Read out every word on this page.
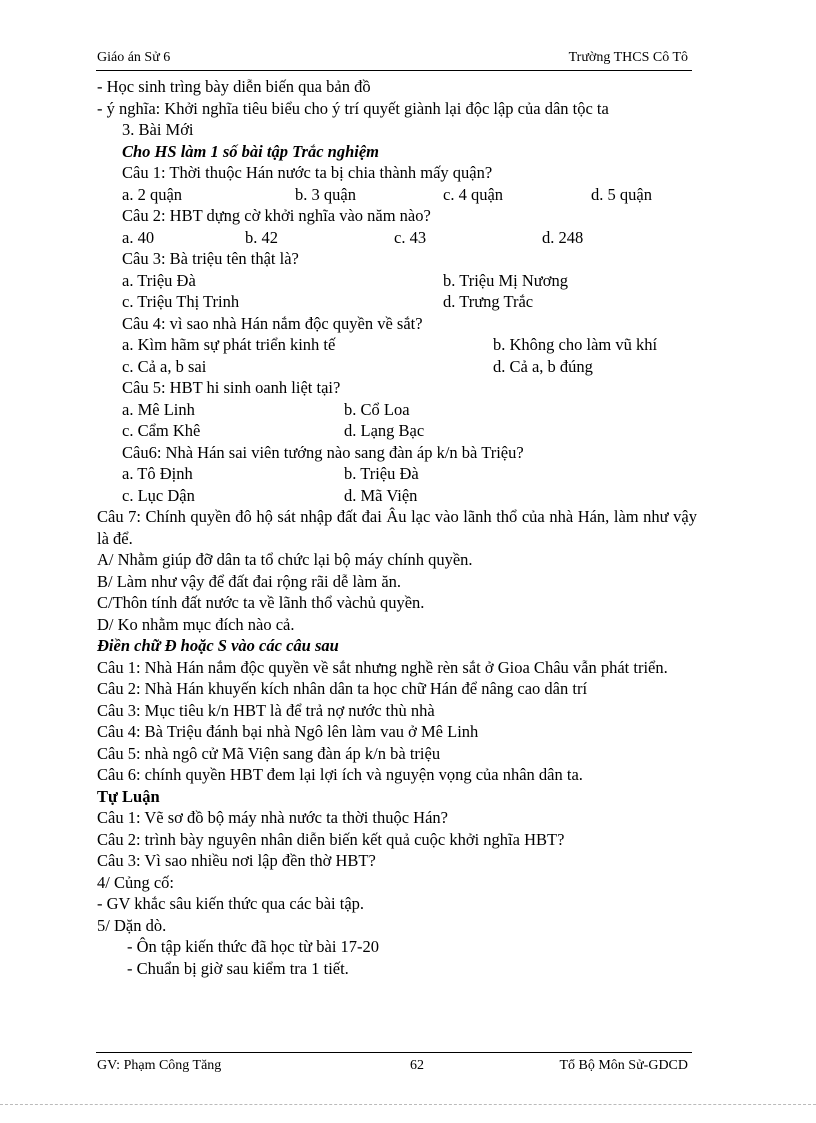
Giáo án Sử 6	Trường THCS Cô Tô
- Học sinh trìng bày diễn biến qua bản đồ
- ý nghĩa: Khởi nghĩa tiêu biểu cho ý trí quyết giành lại độc lập của dân tộc ta
3. Bài Mới
Cho HS làm 1 số bài tập Trắc nghiệm
Câu 1: Thời thuộc Hán nước ta bị chia thành mấy quận?
a. 2 quận	b. 3 quận	c. 4 quận	d. 5 quận
Câu 2: HBT dựng cờ khởi nghĩa vào năm nào?
a. 40	b. 42	c. 43	d. 248
Câu 3: Bà triệu tên thật là?
a. Triệu Đà	b. Triệu Mị Nương
c. Triệu Thị Trinh	d. Trưng Trắc
Câu 4: vì sao nhà Hán nắm độc quyền về sắt?
a. Kìm hãm sự phát triển kinh tế	b. Không cho làm vũ khí
c. Cả a, b sai	d. Cả a, b đúng
Câu 5: HBT hi sinh oanh liệt tại?
a. Mê Linh	b. Cổ Loa
c. Cẩm Khê	d. Lạng Bạc
Câu6: Nhà Hán sai viên tướng nào sang đàn áp k/n bà Triệu?
a. Tô Định	b. Triệu Đà
c. Lục Dận	d. Mã Viện
Câu 7: Chính quyền đô hộ sát nhập đất đai Âu lạc vào lãnh thổ của nhà Hán, làm như vậy là để.
A/ Nhằm giúp đỡ dân ta tổ chức lại bộ máy chính quyền.
B/ Làm như vậy để đất đai rộng rãi dễ làm ăn.
C/Thôn tính đất nước ta về lãnh thổ vàchủ quyền.
D/ Ko nhằm mục đích nào cả.
Điền chữ Đ hoặc S vào các câu sau
Câu 1: Nhà Hán nắm độc quyền về sắt nhưng nghề rèn sắt ở Gioa Châu vẫn phát triển.
Câu 2: Nhà Hán khuyến kích nhân dân ta học chữ Hán để nâng cao dân trí
Câu 3: Mục tiêu k/n HBT là để trả nợ nước thù nhà
Câu 4: Bà Triệu đánh bại nhà Ngô lên làm vau ở Mê Linh
Câu 5: nhà ngô cử Mã Viện sang đàn áp k/n bà triệu
Câu 6: chính quyền HBT đem lại lợi ích và nguyện vọng của nhân dân ta.
Tự Luận
Câu 1: Vẽ sơ đồ bộ máy nhà nước ta thời thuộc Hán?
Câu 2: trình bày nguyên nhân diễn biến kết quả cuộc khởi nghĩa HBT?
Câu 3: Vì sao nhiều nơi lập đền thờ HBT?
4/ Củng cố:
- GV khắc sâu kiến thức qua các bài tập.
5/ Dặn dò.
- Ôn tập kiến thức đã học từ bài 17-20
- Chuẩn bị giờ sau kiểm tra 1 tiết.
GV: Phạm Công Tăng	62	Tổ Bộ Môn Sử-GDCD
